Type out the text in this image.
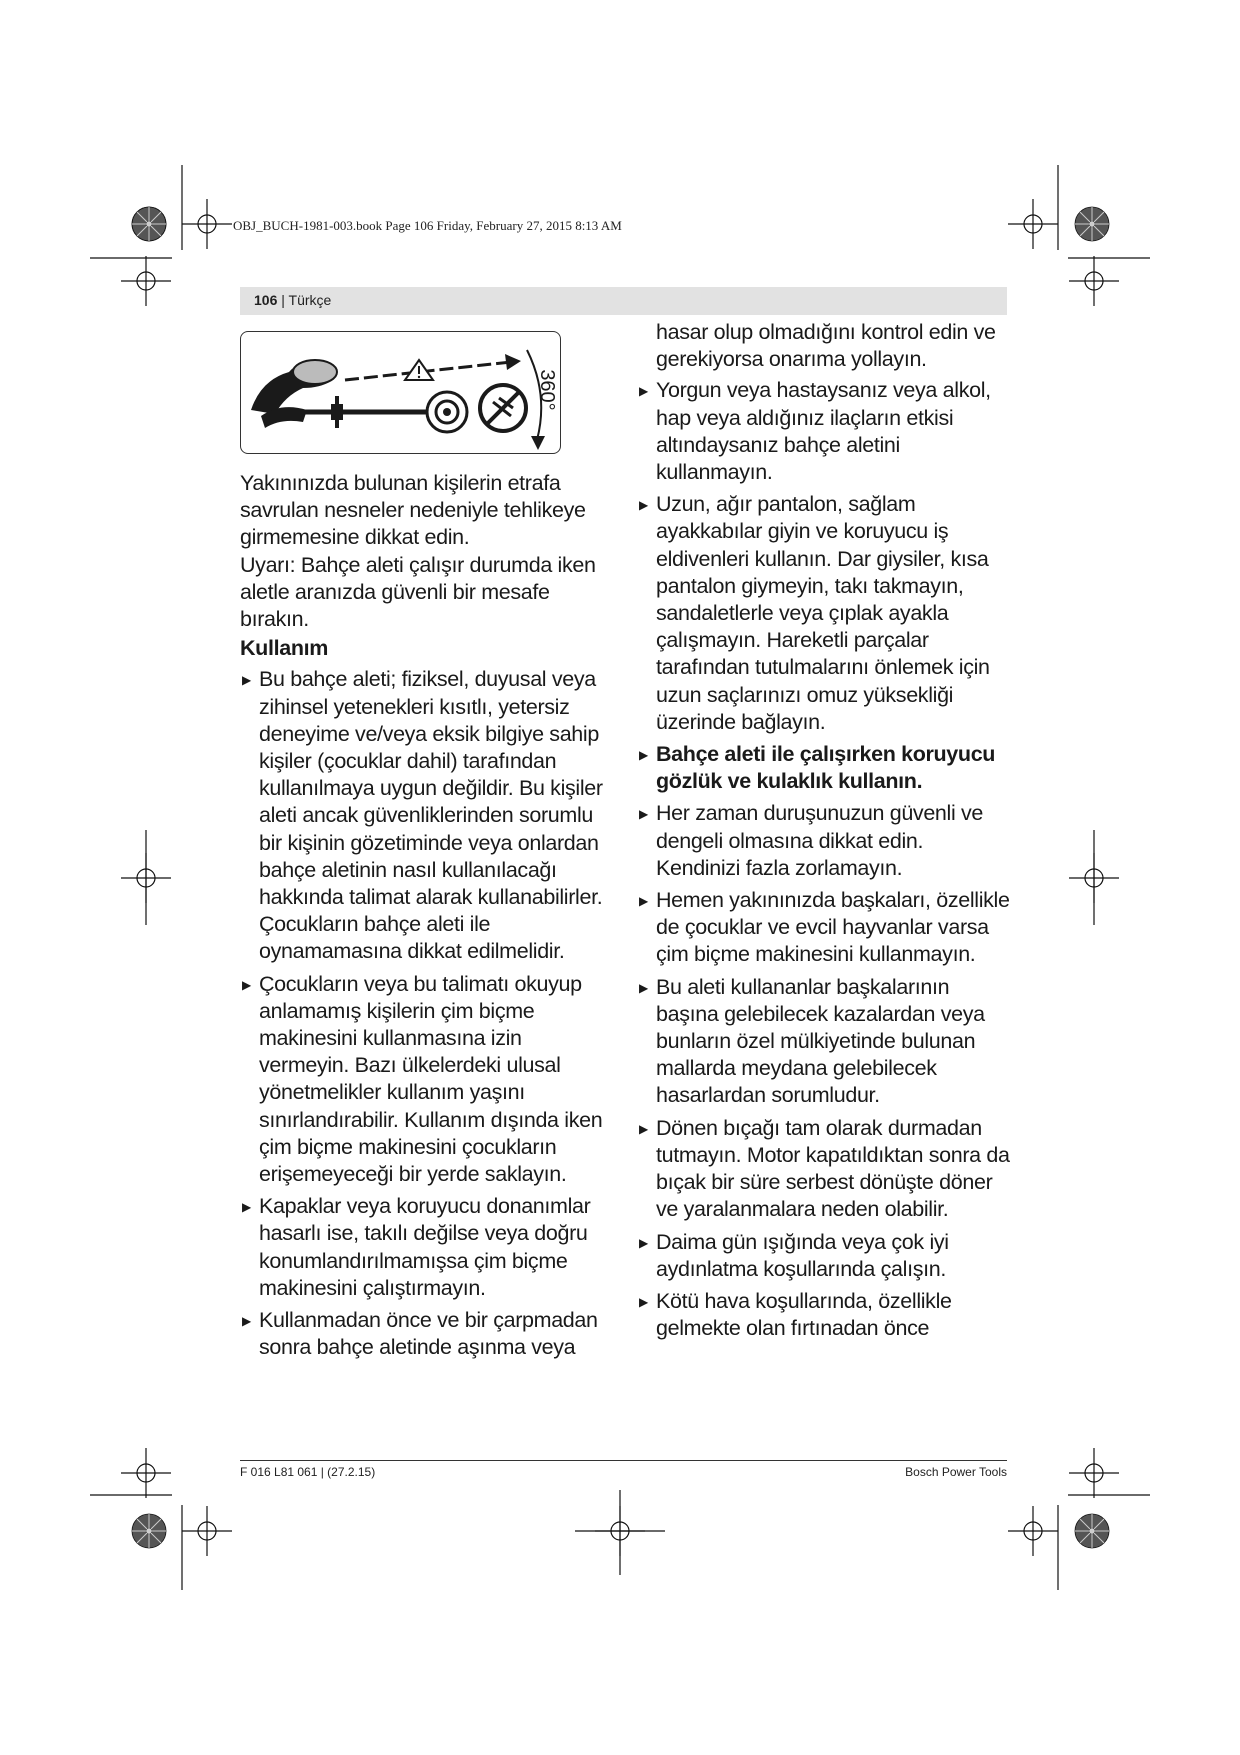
OBJ_BUCH-1981-003.book Page 106 Friday, February 27, 2015 8:13 AM
106 | Türkçe
360°

Yakınınızda bulunan kişilerin etrafa savrulan nesneler nedeniyle tehlikeye girmemesine dikkat edin.

Uyarı: Bahçe aleti çalışır durumda iken aletle aranızda güvenli bir mesafe bırakın.

Kullanım
▶ Bu bahçe aleti; fiziksel, duyusal veya zihinsel yetenekleri kısıtlı, yetersiz deneyime ve/veya eksik bilgiye sahip kişiler (çocuklar dahil) tarafından kullanılmaya uygun değildir. Bu kişiler aleti ancak güvenliklerinden sorumlu bir kişinin gözetiminde veya onlardan bahçe aletinin nasıl kullanılacağı hakkında talimat alarak kullanabilirler. Çocukların bahçe aleti ile oynamamasına dikkat edilmelidir.
▶ Çocukların veya bu talimatı okuyup anlamamış kişilerin çim biçme makinesini kullanmasına izin vermeyin. Bazı ülkelerdeki ulusal yönetmelikler kullanım yaşını sınırlandırabilir. Kullanım dışında iken çim biçme makinesini çocukların erişemeyeceği bir yerde saklayın.
▶ Kapaklar veya koruyucu donanımlar hasarlı ise, takılı değilse veya doğru konumlandırılmamışsa çim biçme makinesini çalıştırmayın.
▶ Kullanmadan önce ve bir çarpmadan sonra bahçe aletinde aşınma veya

hasar olup olmadığını kontrol edin ve gerekiyorsa onarıma yollayın.

▶ Yorgun veya hastaysanız veya alkol, hap veya aldığınız ilaçların etkisi altındaysanız bahçe aletini kullanmayın.
▶ Uzun, ağır pantalon, sağlam ayakkabılar giyin ve koruyucu iş eldivenleri kullanın. Dar giysiler, kısa pantalon giymeyin, takı takmayın, sandaletlerle veya çıplak ayakla çalışmayın. Hareketli parçalar tarafından tutulmalarını önlemek için uzun saçlarınızı omuz yüksekliği üzerinde bağlayın.
▶ Bahçe aleti ile çalışırken koruyucu gözlük ve kulaklık kullanın.
▶ Her zaman duruşunuzun güvenli ve dengeli olmasına dikkat edin. Kendinizi fazla zorlamayın.
▶ Hemen yakınınızda başkaları, özellikle de çocuklar ve evcil hayvanlar varsa çim biçme makinesini kullanmayın.
▶ Bu aleti kullananlar başkalarının başına gelebilecek kazalardan veya bunların özel mülkiyetinde bulunan mallarda meydana gelebilecek hasarlardan sorumludur.
▶ Dönen bıçağı tam olarak durmadan tutmayın. Motor kapatıldıktan sonra da bıçak bir süre serbest dönüşte döner ve yaralanmalara neden olabilir.
▶ Daima gün ışığında veya çok iyi aydınlatma koşullarında çalışın.
▶ Kötü hava koşullarında, özellikle gelmekte olan fırtınadan önce
F 016 L81 061 | (27.2.15)	Bosch Power Tools
